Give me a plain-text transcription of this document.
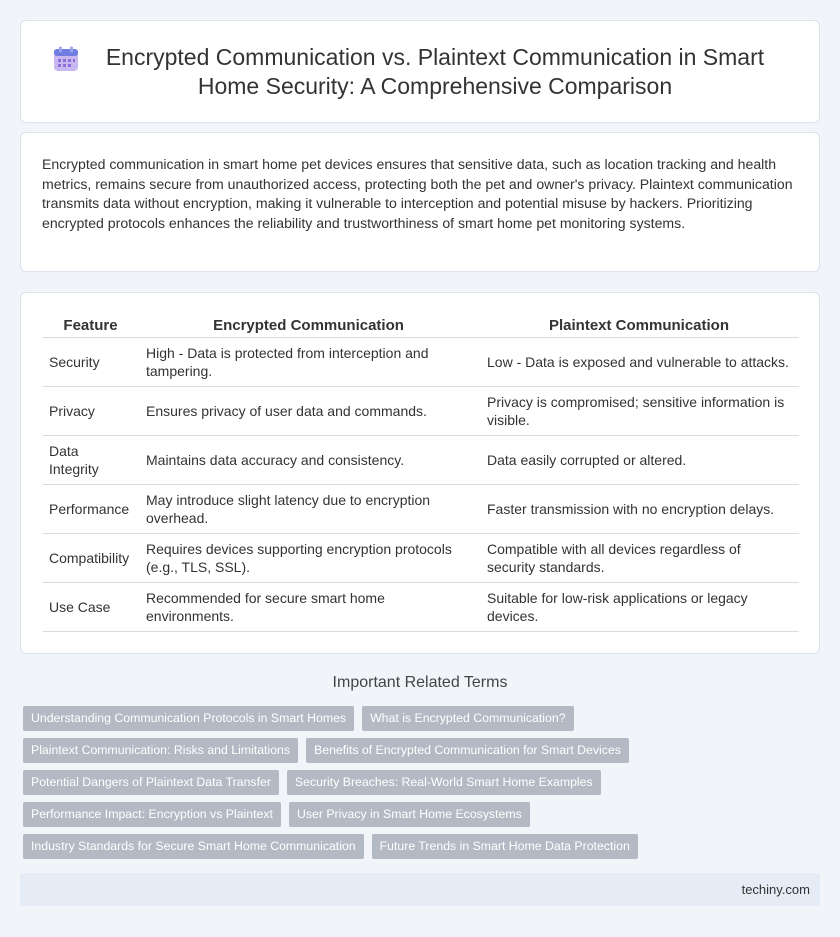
Encrypted Communication vs. Plaintext Communication in Smart Home Security: A Comprehensive Comparison

Encrypted communication in smart home pet devices ensures that sensitive data, such as location tracking and health metrics, remains secure from unauthorized access, protecting both the pet and owner's privacy. Plaintext communication transmits data without encryption, making it vulnerable to interception and potential misuse by hackers. Prioritizing encrypted protocols enhances the reliability and trustworthiness of smart home pet monitoring systems.

Feature	Encrypted Communication	Plaintext Communication
Security	High - Data is protected from interception and tampering.	Low - Data is exposed and vulnerable to attacks.
Privacy	Ensures privacy of user data and commands.	Privacy is compromised; sensitive information is visible.
Data Integrity	Maintains data accuracy and consistency.	Data easily corrupted or altered.
Performance	May introduce slight latency due to encryption overhead.	Faster transmission with no encryption delays.
Compatibility	Requires devices supporting encryption protocols (e.g., TLS, SSL).	Compatible with all devices regardless of security standards.
Use Case	Recommended for secure smart home environments.	Suitable for low-risk applications or legacy devices.
Important Related Terms
Understanding Communication Protocols in Smart Homes	What is Encrypted Communication?
Plaintext Communication: Risks and Limitations	Benefits of Encrypted Communication for Smart Devices
Potential Dangers of Plaintext Data Transfer	Security Breaches: Real-World Smart Home Examples
Performance Impact: Encryption vs Plaintext	User Privacy in Smart Home Ecosystems
Industry Standards for Secure Smart Home Communication	Future Trends in Smart Home Data Protection
techiny.com
